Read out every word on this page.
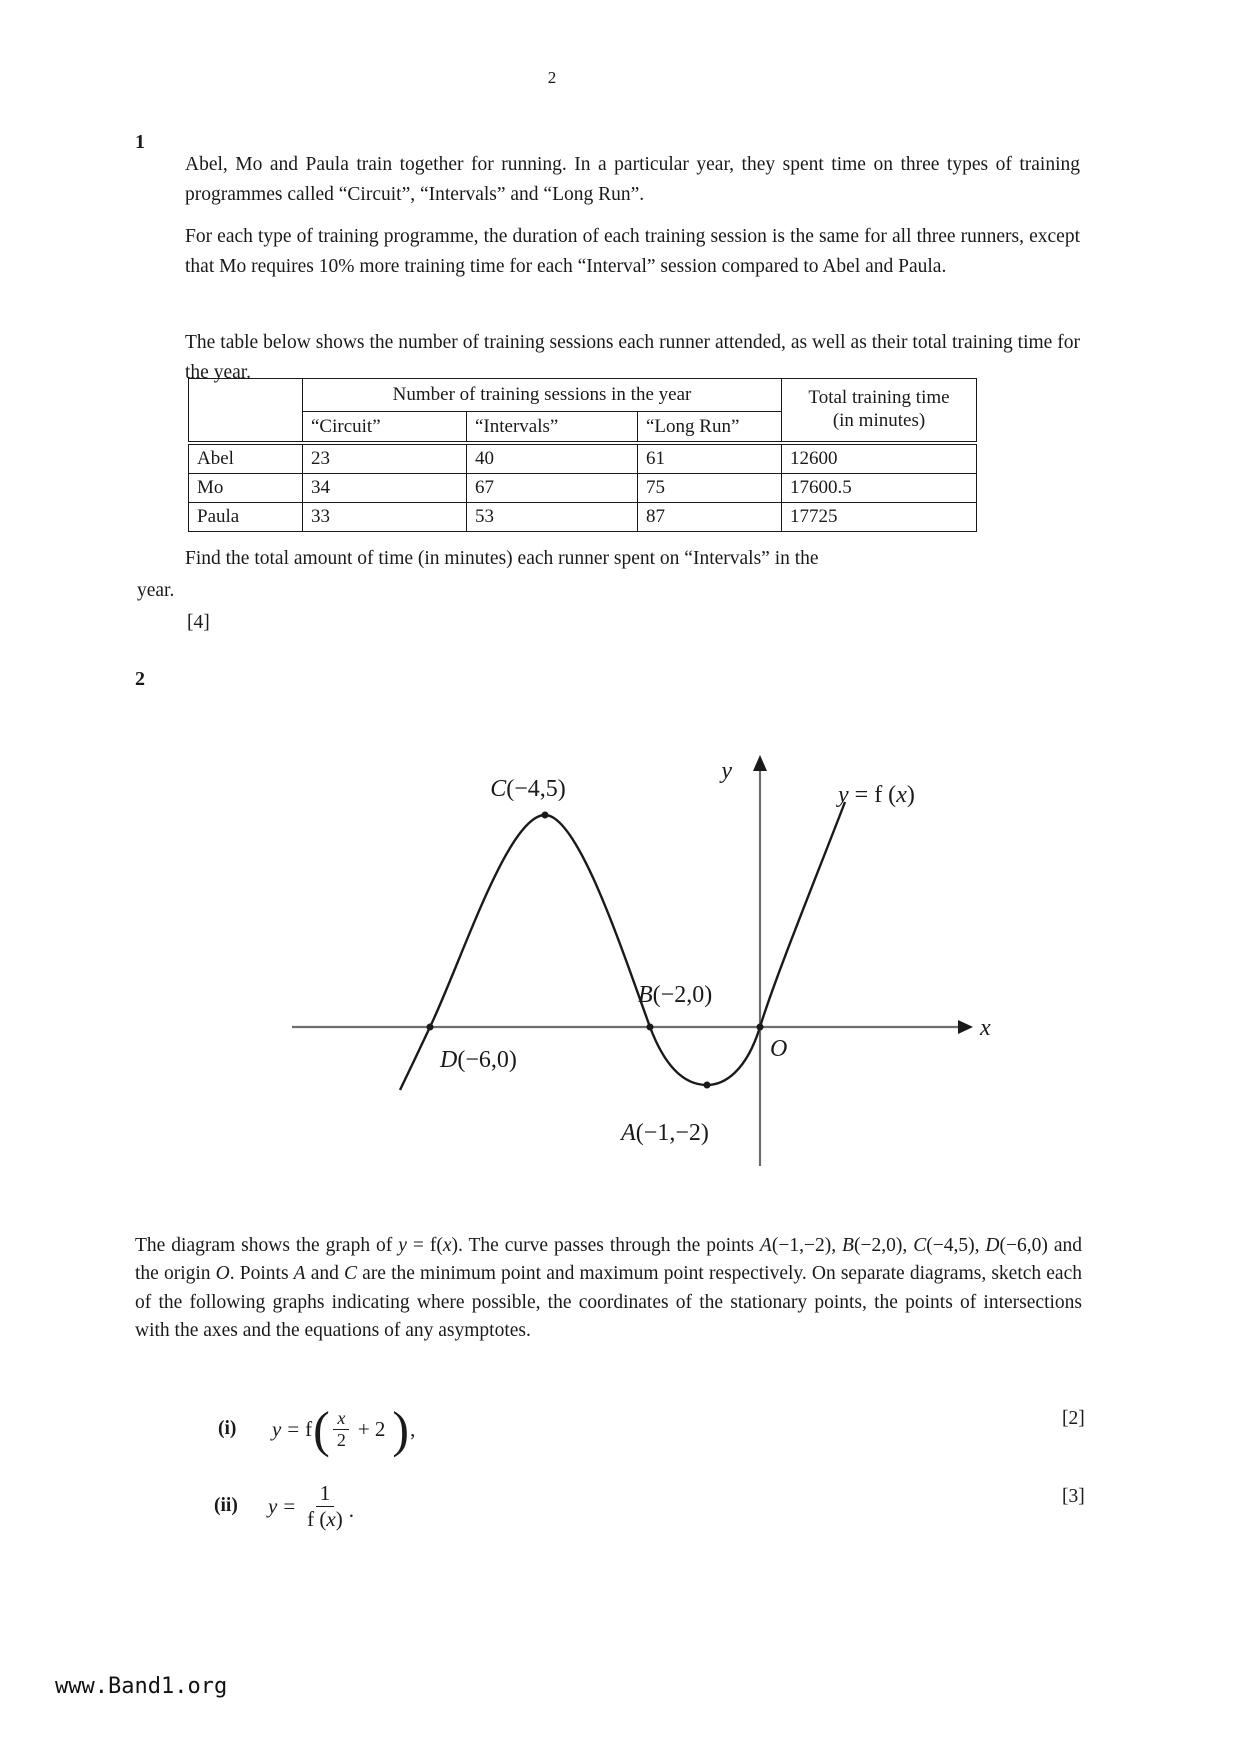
2
1

Abel, Mo and Paula train together for running. In a particular year, they spent time on three types of training programmes called “Circuit”, “Intervals” and “Long Run”.

For each type of training programme, the duration of each training session is the same for all three runners, except that Mo requires 10% more training time for each “Interval” session compared to Abel and Paula.

The table below shows the number of training sessions each runner attended, as well as their total training time for the year.

	Number of training sessions in the year			Total training time
(in minutes)

	“Circuit”	“Intervals”	“Long Run”	
Abel	23	40	61	12600
Mo	34	67	75	17600.5
Paula	33	53	87	17725

Find the total amount of time (in minutes) each runner spent on “Intervals” in the

year.

[4]

2
y
x
y = f (x)
C(−4,5)
B(−2,0)
D(−6,0)
A(−1,−2)
O

The diagram shows the graph of y = f(x). The curve passes through the points A(−1,−2), B(−2,0), C(−4,5), D(−6,0) and the origin O. Points A and C are the minimum point and maximum point respectively. On separate diagrams, sketch each of the following graphs indicating where possible, the coordinates of the stationary points, the points of intersections with the axes and the equations of any asymptotes.

(i)	y = f ( $\frac{x}{2} + 2$ ) ,	[2]
(ii)	$y = \frac{1}{f (x)}$ .
[3]
www.Band1.org
